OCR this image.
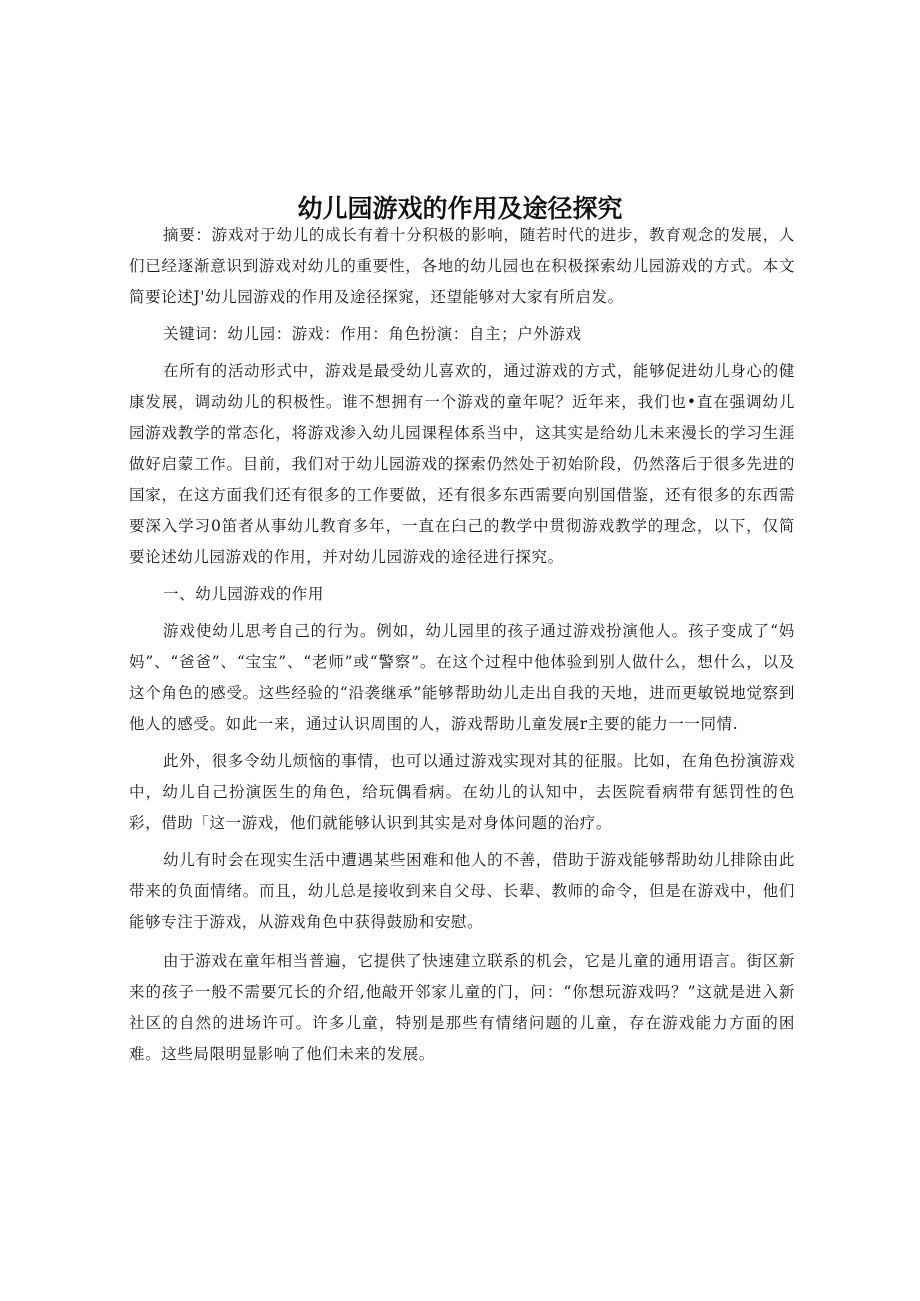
幼儿园游戏的作用及途径探究

摘要：游戏对于幼儿的成长有着十分积极的影响，随若时代的进步，教育观念的发展，人们已经逐渐意识到游戏对幼儿的重要性，各地的幼儿园也在积极探索幼儿园游戏的方式。本文简要论述J'幼儿园游戏的作用及途径探窕，还望能够对大家有所启发。

关键词：幼儿园：游戏：作用：角色扮演：自主；户外游戏

在所有的活动形式中，游戏是最受幼儿喜欢的，通过游戏的方式，能够促进幼儿身心的健康发展，调动幼儿的积极性。谁不想拥有一个游戏的童年呢？近年来，我们也•直在强调幼儿园游戏教学的常态化，将游戏渗入幼儿园课程体系当中，这其实是给幼儿未来漫长的学习生涯做好启蒙工作。目前，我们对于幼儿园游戏的探索仍然处于初始阶段，仍然落后于很多先进的国家，在这方面我们还有很多的工作要做，还有很多东西需要向别国借鉴，还有很多的东西需要深入学习0笛者从事幼儿教育多年，一直在臼己的教学中贯彻游戏教学的理念，以下，仅简要论述幼儿园游戏的作用，并对幼儿园游戏的途径进行探究。

一、幼儿园游戏的作用

游戏使幼儿思考自己的行为。例如，幼儿园里的孩子通过游戏扮演他人。孩子变成了“妈妈”、“爸爸”、“宝宝”、“老师”或“警察”。在这个过程中他体验到别人做什么，想什么，以及这个角色的感受。这些经验的“沿袭继承”能够帮助幼儿走出自我的天地，进而更敏锐地觉察到他人的感受。如此一来，通过认识周围的人，游戏帮助儿童发展r主要的能力一一同情.

此外，很多令幼儿烦恼的事情，也可以通过游戏实现对其的征服。比如，在角色扮演游戏中，幼儿自己扮演医生的角色，给玩偶看病。在幼儿的认知中，去医院看病带有惩罚性的色彩，借助「这一游戏，他们就能够认识到其实是对身体问题的治疗。

幼儿有时会在现实生活中遭遇某些困难和他人的不善，借助于游戏能够帮助幼儿排除由此带来的负面情绪。而且，幼儿总是接收到来自父母、长辈、教师的命令，但是在游戏中，他们能够专注于游戏，从游戏角色中获得鼓励和安慰。

由于游戏在童年相当普遍，它提供了快速建立联系的机会，它是儿童的通用语言。街区新来的孩子一般不需要冗长的介绍,他敲开邻家儿童的门，问：“你想玩游戏吗？”这就是进入新社区的自然的进场许可。许多儿童，特别是那些有情绪问题的儿童，存在游戏能力方面的困难。这些局限明显影响了他们未来的发展。
